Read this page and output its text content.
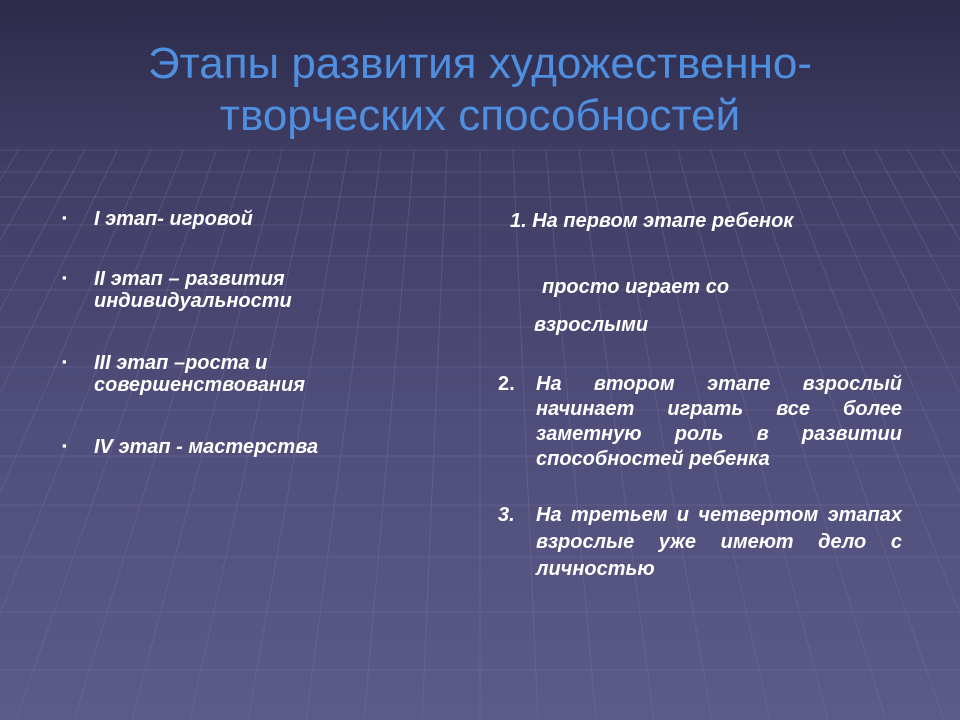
Этапы развития художественно-творческих способностей
▪ I этап- игровой
▪ II этап – развития индивидуальности
▪ III этап –роста и совершенствования
▪ IV этап - мастерства

1. На первом этапе ребенок

просто играет со

взрослыми

2. На втором этапе взрослый начинает играть все более заметную роль в развитии способностей ребенка

3. На третьем и четвертом этапах взрослые уже имеют дело с личностью
